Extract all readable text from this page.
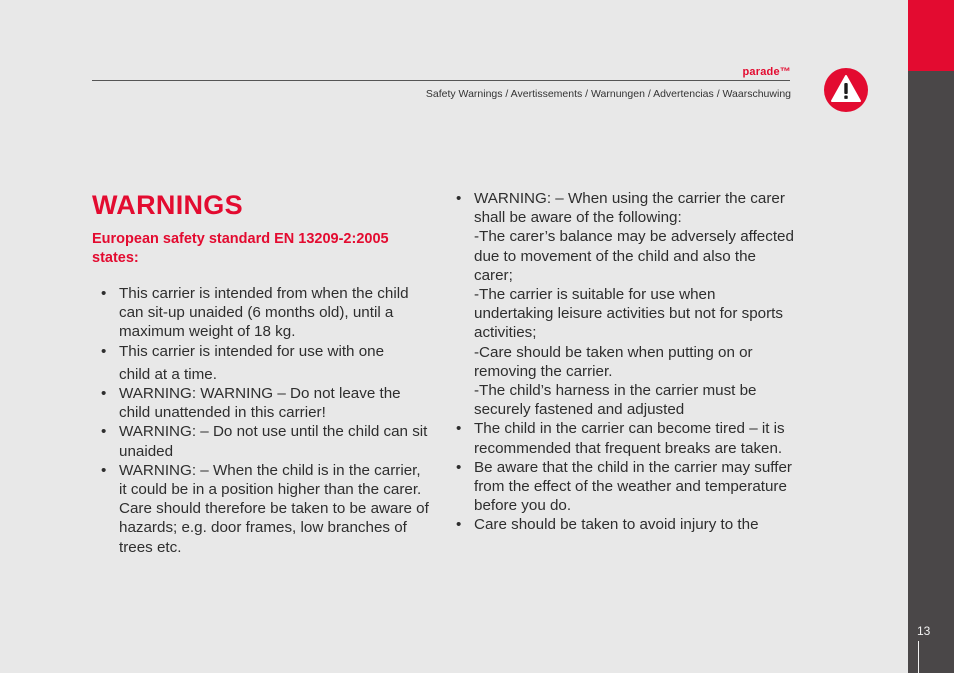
13
parade™
Safety Warnings / Avertissements / Warnungen / Advertencias / Waarschuwing
WARNINGS
European safety standard EN 13209-2:2005 states:
• This carrier is intended from when the child can sit-up unaided (6 months old), until a maximum weight of 18 kg.
• This carrier is intended for use with one
child at a time.
• WARNING: WARNING – Do not leave the child unattended in this carrier!
• WARNING: – Do not use until the child can sit unaided
• WARNING: – When the child is in the carrier, it could be in a position higher than the carer. Care should therefore be taken to be aware of hazards; e.g. door frames, low branches of trees etc.
• WARNING: – When using the carrier the carer shall be aware of the following:
-The carer’s balance may be adversely affected due to movement of the child and also the carer;
-The carrier is suitable for use when undertaking leisure activities but not for sports activities;
-Care should be taken when putting on or removing the carrier.
-The child’s harness in the carrier must be securely fastened and adjusted
• The child in the carrier can become tired – it is recommended that frequent breaks are taken.
• Be aware that the child in the carrier may suffer from the effect of the weather and temperature before you do.
• Care should be taken to avoid injury to the
